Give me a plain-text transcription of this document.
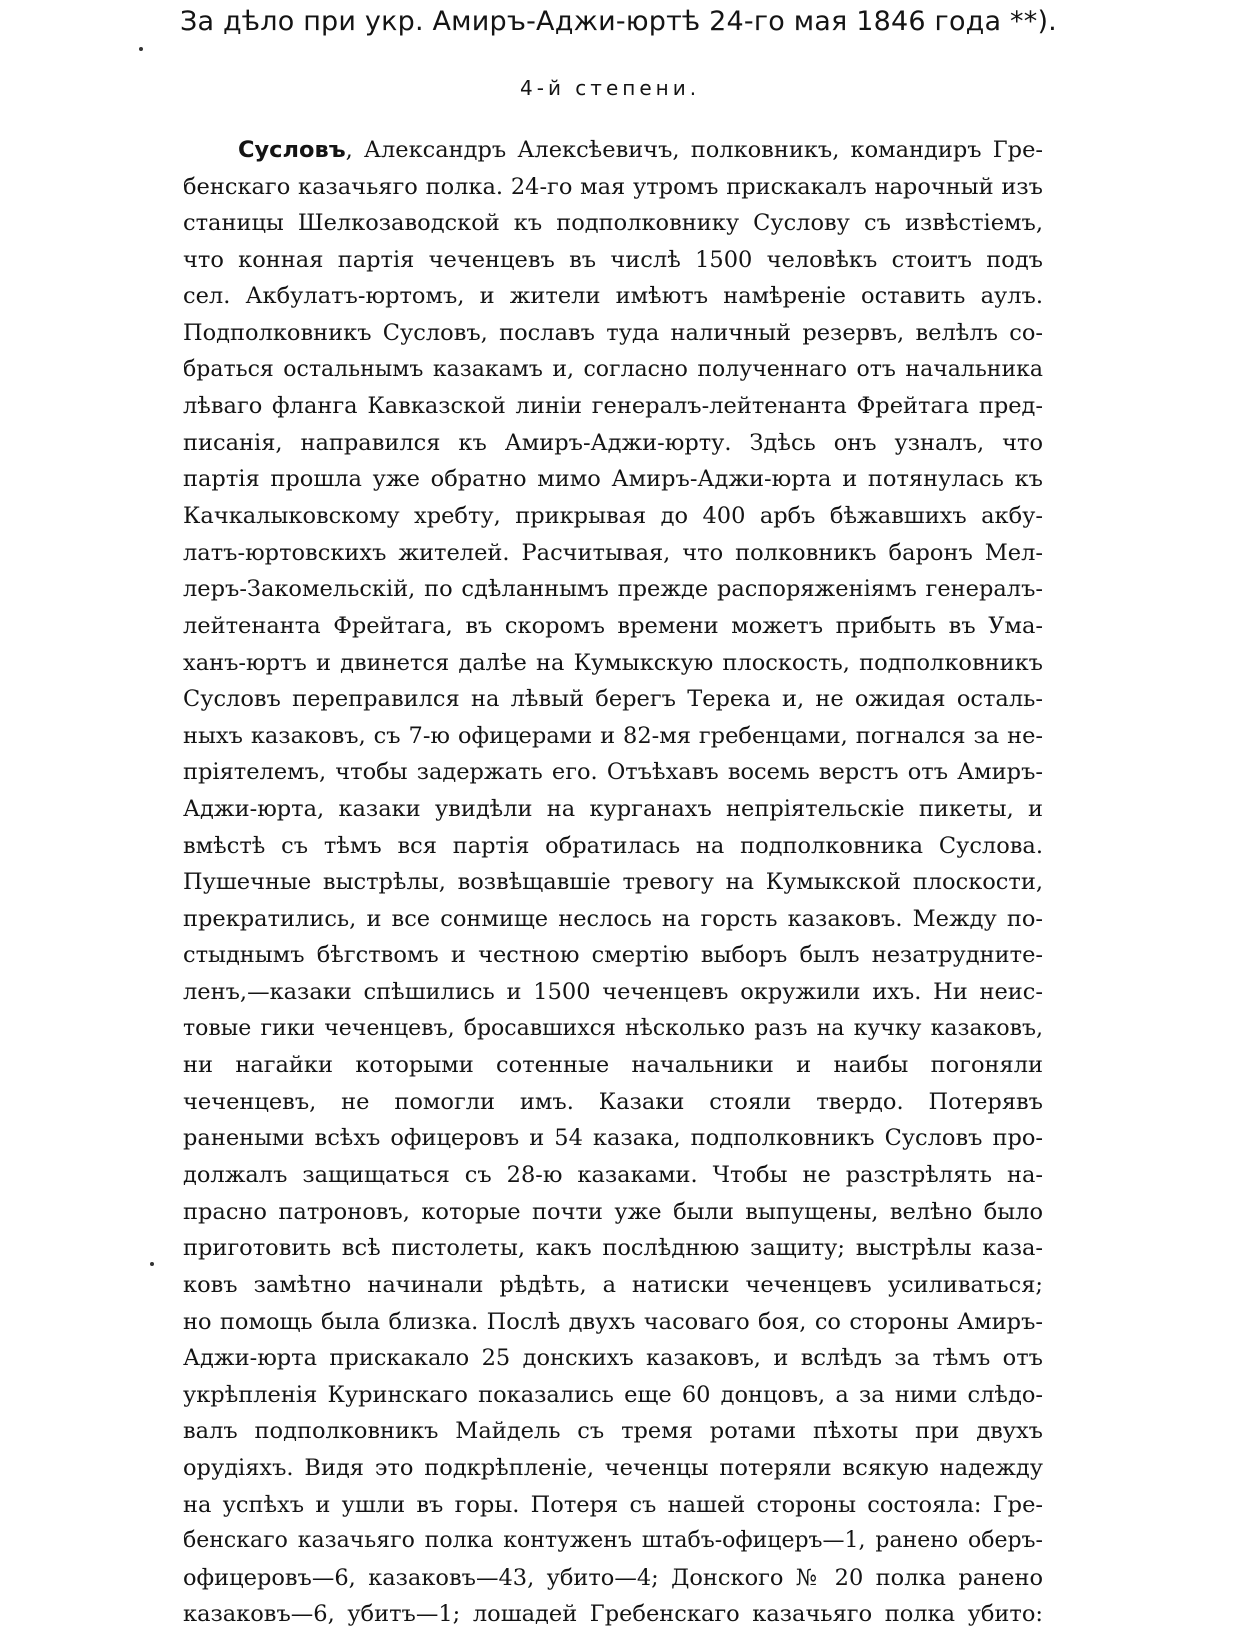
За дѣло при укр. Амиръ-Аджи-юртѣ 24-го мая 1846 года **).
4-й степени.
Сусловъ, Александръ Алексѣевичъ, полковникъ, командиръ Гре-
бенскаго казачьяго полка. 24-го мая утромъ прискакалъ нарочный изъ
станицы Шелкозаводской къ подполковнику Суслову съ извѣстіемъ,
что конная партія чеченцевъ въ числѣ 1500 человѣкъ стоитъ подъ
сел. Акбулатъ-юртомъ, и жители имѣютъ намѣреніе оставить аулъ.
Подполковникъ Сусловъ, пославъ туда наличный резервъ, велѣлъ со-
браться остальнымъ казакамъ и, согласно полученнаго отъ начальника
лѣваго фланга Кавказской линіи генералъ-лейтенанта Фрейтага пред-
писанія, направился къ Амиръ-Аджи-юрту. Здѣсь онъ узналъ, что
партія прошла уже обратно мимо Амиръ-Аджи-юрта и потянулась къ
Качкалыковскому хребту, прикрывая до 400 арбъ бѣжавшихъ акбу-
латъ-юртовскихъ жителей. Расчитывая, что полковникъ баронъ Мел-
леръ-Закомельскій, по сдѣланнымъ прежде распоряженіямъ генералъ-
лейтенанта Фрейтага, въ скоромъ времени можетъ прибыть въ Ума-
ханъ-юртъ и двинется далѣе на Кумыкскую плоскость, подполковникъ
Сусловъ переправился на лѣвый берегъ Терека и, не ожидая осталь-
ныхъ казаковъ, съ 7-ю офицерами и 82-мя гребенцами, погнался за не-
пріятелемъ, чтобы задержать его. Отъѣхавъ восемь верстъ отъ Амиръ-
Аджи-юрта, казаки увидѣли на курганахъ непріятельскіе пикеты, и
вмѣстѣ съ тѣмъ вся партія обратилась на подполковника Суслова.
Пушечные выстрѣлы, возвѣщавшіе тревогу на Кумыкской плоскости,
прекратились, и все сонмище неслось на горсть казаковъ. Между по-
стыднымъ бѣгствомъ и честною смертію выборъ былъ незатруднитe-
ленъ,—казаки спѣшились и 1500 чеченцевъ окружили ихъ. Ни неис-
товые гики чеченцевъ, бросавшихся нѣсколько разъ на кучку казаковъ,
ни нагайки которыми сотенные начальники и наибы погоняли
чеченцевъ, не помогли имъ. Казаки стояли твердо. Потерявъ
ранеными всѣхъ офицеровъ и 54 казака, подполковникъ Сусловъ про-
должалъ защищаться съ 28-ю казаками. Чтобы не разстрѣлять на-
прасно патроновъ, которые почти уже были выпущены, велѣно было
приготовить всѣ пистолеты, какъ послѣднюю защиту; выстрѣлы каза-
ковъ замѣтно начинали рѣдѣть, а натиски чеченцевъ усиливаться;
но помощь была близка. Послѣ двухъ часоваго боя, со стороны Амиръ-
Аджи-юрта прискакало 25 донскихъ казаковъ, и вслѣдъ за тѣмъ отъ
укрѣпленія Куринскаго показались еще 60 донцовъ, а за ними слѣдо-
валъ подполковникъ Майдель съ тремя ротами пѣхоты при двухъ
орудіяхъ. Видя это подкрѣпленіе, чеченцы потеряли всякую надежду
на успѣхъ и ушли въ горы. Потеря съ нашей стороны состояла: Гре-
бенскаго казачьяго полка контуженъ штабъ-офицеръ—1, ранено оберъ-
офицеровъ—6, казаковъ—43, убито—4; Донского № 20 полка ранено
казаковъ—6, убитъ—1; лошадей Гребенскаго казачьяго полка убито:
